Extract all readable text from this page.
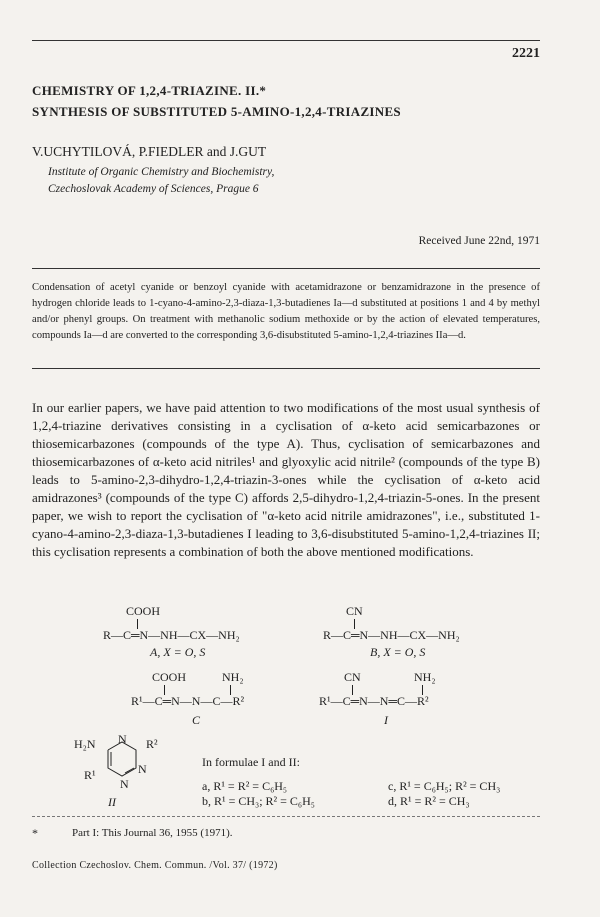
2221
CHEMISTRY OF 1,2,4-TRIAZINE. II.*
SYNTHESIS OF SUBSTITUTED 5-AMINO-1,2,4-TRIAZINES
V.UCHYTILOVÁ, P.FIEDLER and J.GUT
Institute of Organic Chemistry and Biochemistry,
Czechoslovak Academy of Sciences, Prague 6
Received June 22nd, 1971
Condensation of acetyl cyanide or benzoyl cyanide with acetamidrazone or benzamidrazone in the presence of hydrogen chloride leads to 1-cyano-4-amino-2,3-diaza-1,3-butadienes Ia—d substituted at positions 1 and 4 by methyl and/or phenyl groups. On treatment with methanolic sodium methoxide or by the action of elevated temperatures, compounds Ia—d are converted to the corresponding 3,6-disubstituted 5-amino-1,2,4-triazines IIa—d.

In our earlier papers, we have paid attention to two modifications of the most usual synthesis of 1,2,4-triazine derivatives consisting in a cyclisation of α-keto acid semicarbazones or thiosemicarbazones (compounds of the type A). Thus, cyclisation of semicarbazones and thiosemicarbazones of α-keto acid nitriles¹ and glyoxylic acid nitrile² (compounds of the type B) leads to 5-amino-2,3-dihydro-1,2,4-triazin-3-ones while the cyclisation of α-keto acid amidrazones³ (compounds of the type C) affords 2,5-dihydro-1,2,4-triazin-5-ones. In the present paper, we wish to report the cyclisation of "α-keto acid nitrile amidrazones", i.e., substituted 1-cyano-4-amino-2,3-diaza-1,3-butadienes I leading to 3,6-disubstituted 5-amino-1,2,4-triazines II; this cyclisation represents a combination of both the above mentioned modifications.

COOH
R—C═N—NH—CX—NH₂
A, X = O, S
CN
R—C═N—NH—CX—NH₂
B, X = O, S
COOH	NH₂
R¹—C═N—N—C—R²
C
CN	NH₂
R¹—C═N—N═C—R²
I
H₂N N R²
R¹	N
N
II
In formulae I and II:
a, R¹ = R² = C₆H₅
b, R¹ = CH₃; R² = C₆H₅
c, R¹ = C₆H₅; R² = CH₃
d, R¹ = R² = CH₃
*	Part I: This Journal 36, 1955 (1971).
Collection Czechoslov. Chem. Commun. /Vol. 37/ (1972)
